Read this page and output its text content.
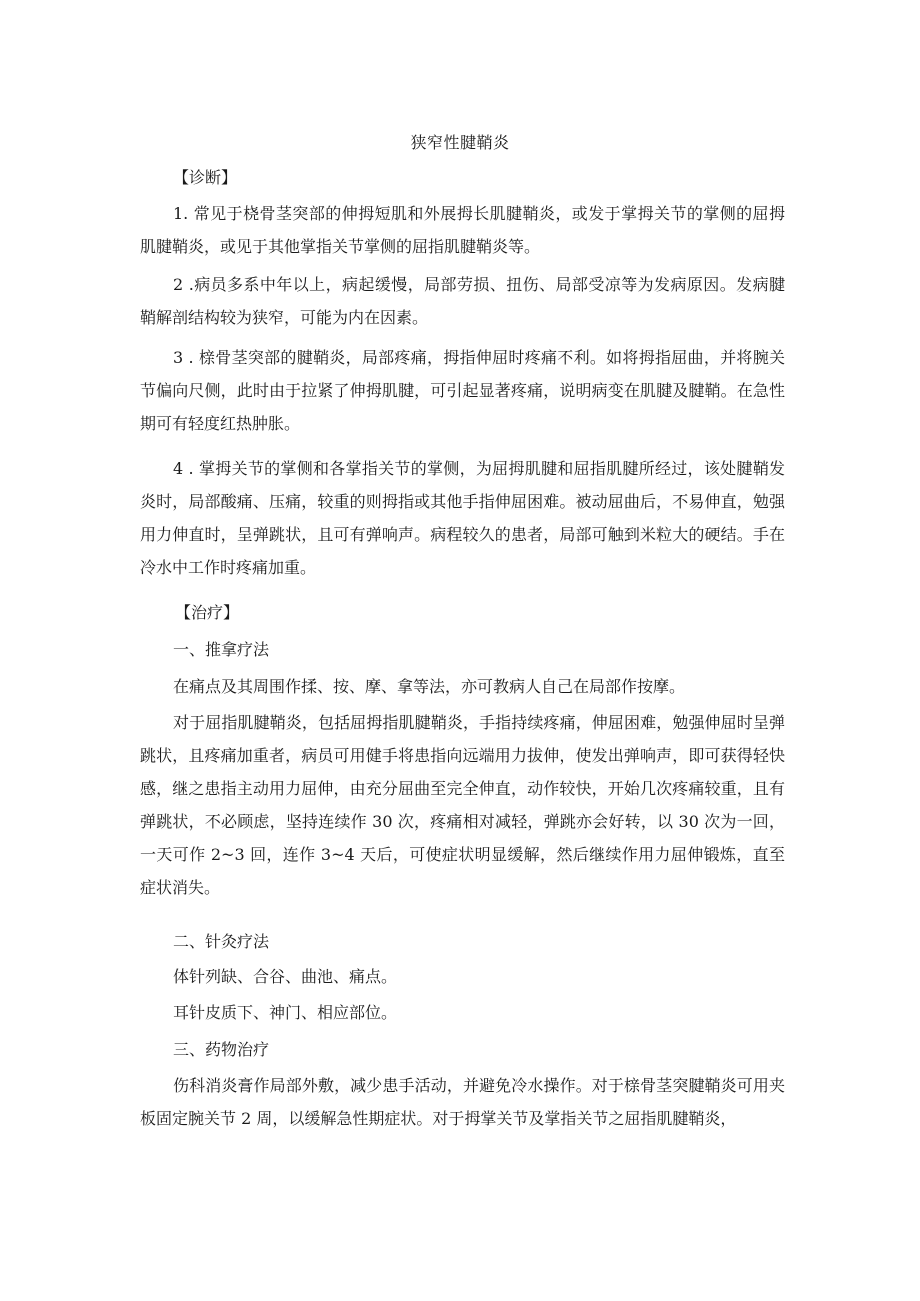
狭窄性腱鞘炎
【诊断】
1. 常见于桡骨茎突部的伸拇短肌和外展拇长肌腱鞘炎，或发于掌拇关节的掌侧的屈拇肌腱鞘炎，或见于其他掌指关节掌侧的屈指肌腱鞘炎等。
2 .病员多系中年以上，病起缓慢，局部劳损、扭伤、局部受凉等为发病原因。发病腱鞘解剖结构较为狭窄，可能为内在因素。
3 . 榇骨茎突部的腱鞘炎，局部疼痛，拇指伸屈时疼痛不利。如将拇指屈曲，并将腕关节偏向尺侧，此时由于拉紧了伸拇肌腱，可引起显著疼痛，说明病变在肌腱及腱鞘。在急性期可有轻度红热肿胀。
4 . 掌拇关节的掌侧和各掌指关节的掌侧，为屈拇肌腱和屈指肌腱所经过，该处腱鞘发炎时，局部酸痛、压痛，较重的则拇指或其他手指伸屈困难。被动屈曲后，不易伸直，勉强用力伸直时，呈弹跳状，且可有弹响声。病程较久的患者，局部可触到米粒大的硬结。手在冷水中工作时疼痛加重。
【治疗】
一、推拿疗法
在痛点及其周围作揉、按、摩、拿等法，亦可教病人自己在局部作按摩。
对于屈指肌腱鞘炎，包括屈拇指肌腱鞘炎，手指持续疼痛，伸屈困难，勉强伸屈时呈弹跳状，且疼痛加重者，病员可用健手将患指向远端用力拔伸，使发出弹响声，即可获得轻快感，继之患指主动用力屈伸，由充分屈曲至完全伸直，动作较快，开始几次疼痛较重，且有弹跳状，不必顾虑，坚持连续作 30 次，疼痛相对减轻，弹跳亦会好转，以 30 次为一回，一天可作 2~3 回，连作 3~4 天后，可使症状明显缓解，然后继续作用力屈伸锻炼，直至症状消失。
二、针灸疗法
体针列缺、合谷、曲池、痛点。
耳针皮质下、神门、相应部位。
三、药物治疗
伤科消炎膏作局部外敷，减少患手活动，并避免冷水操作。对于榇骨茎突腱鞘炎可用夹板固定腕关节 2 周，以缓解急性期症状。对于拇掌关节及掌指关节之屈指肌腱鞘炎，
